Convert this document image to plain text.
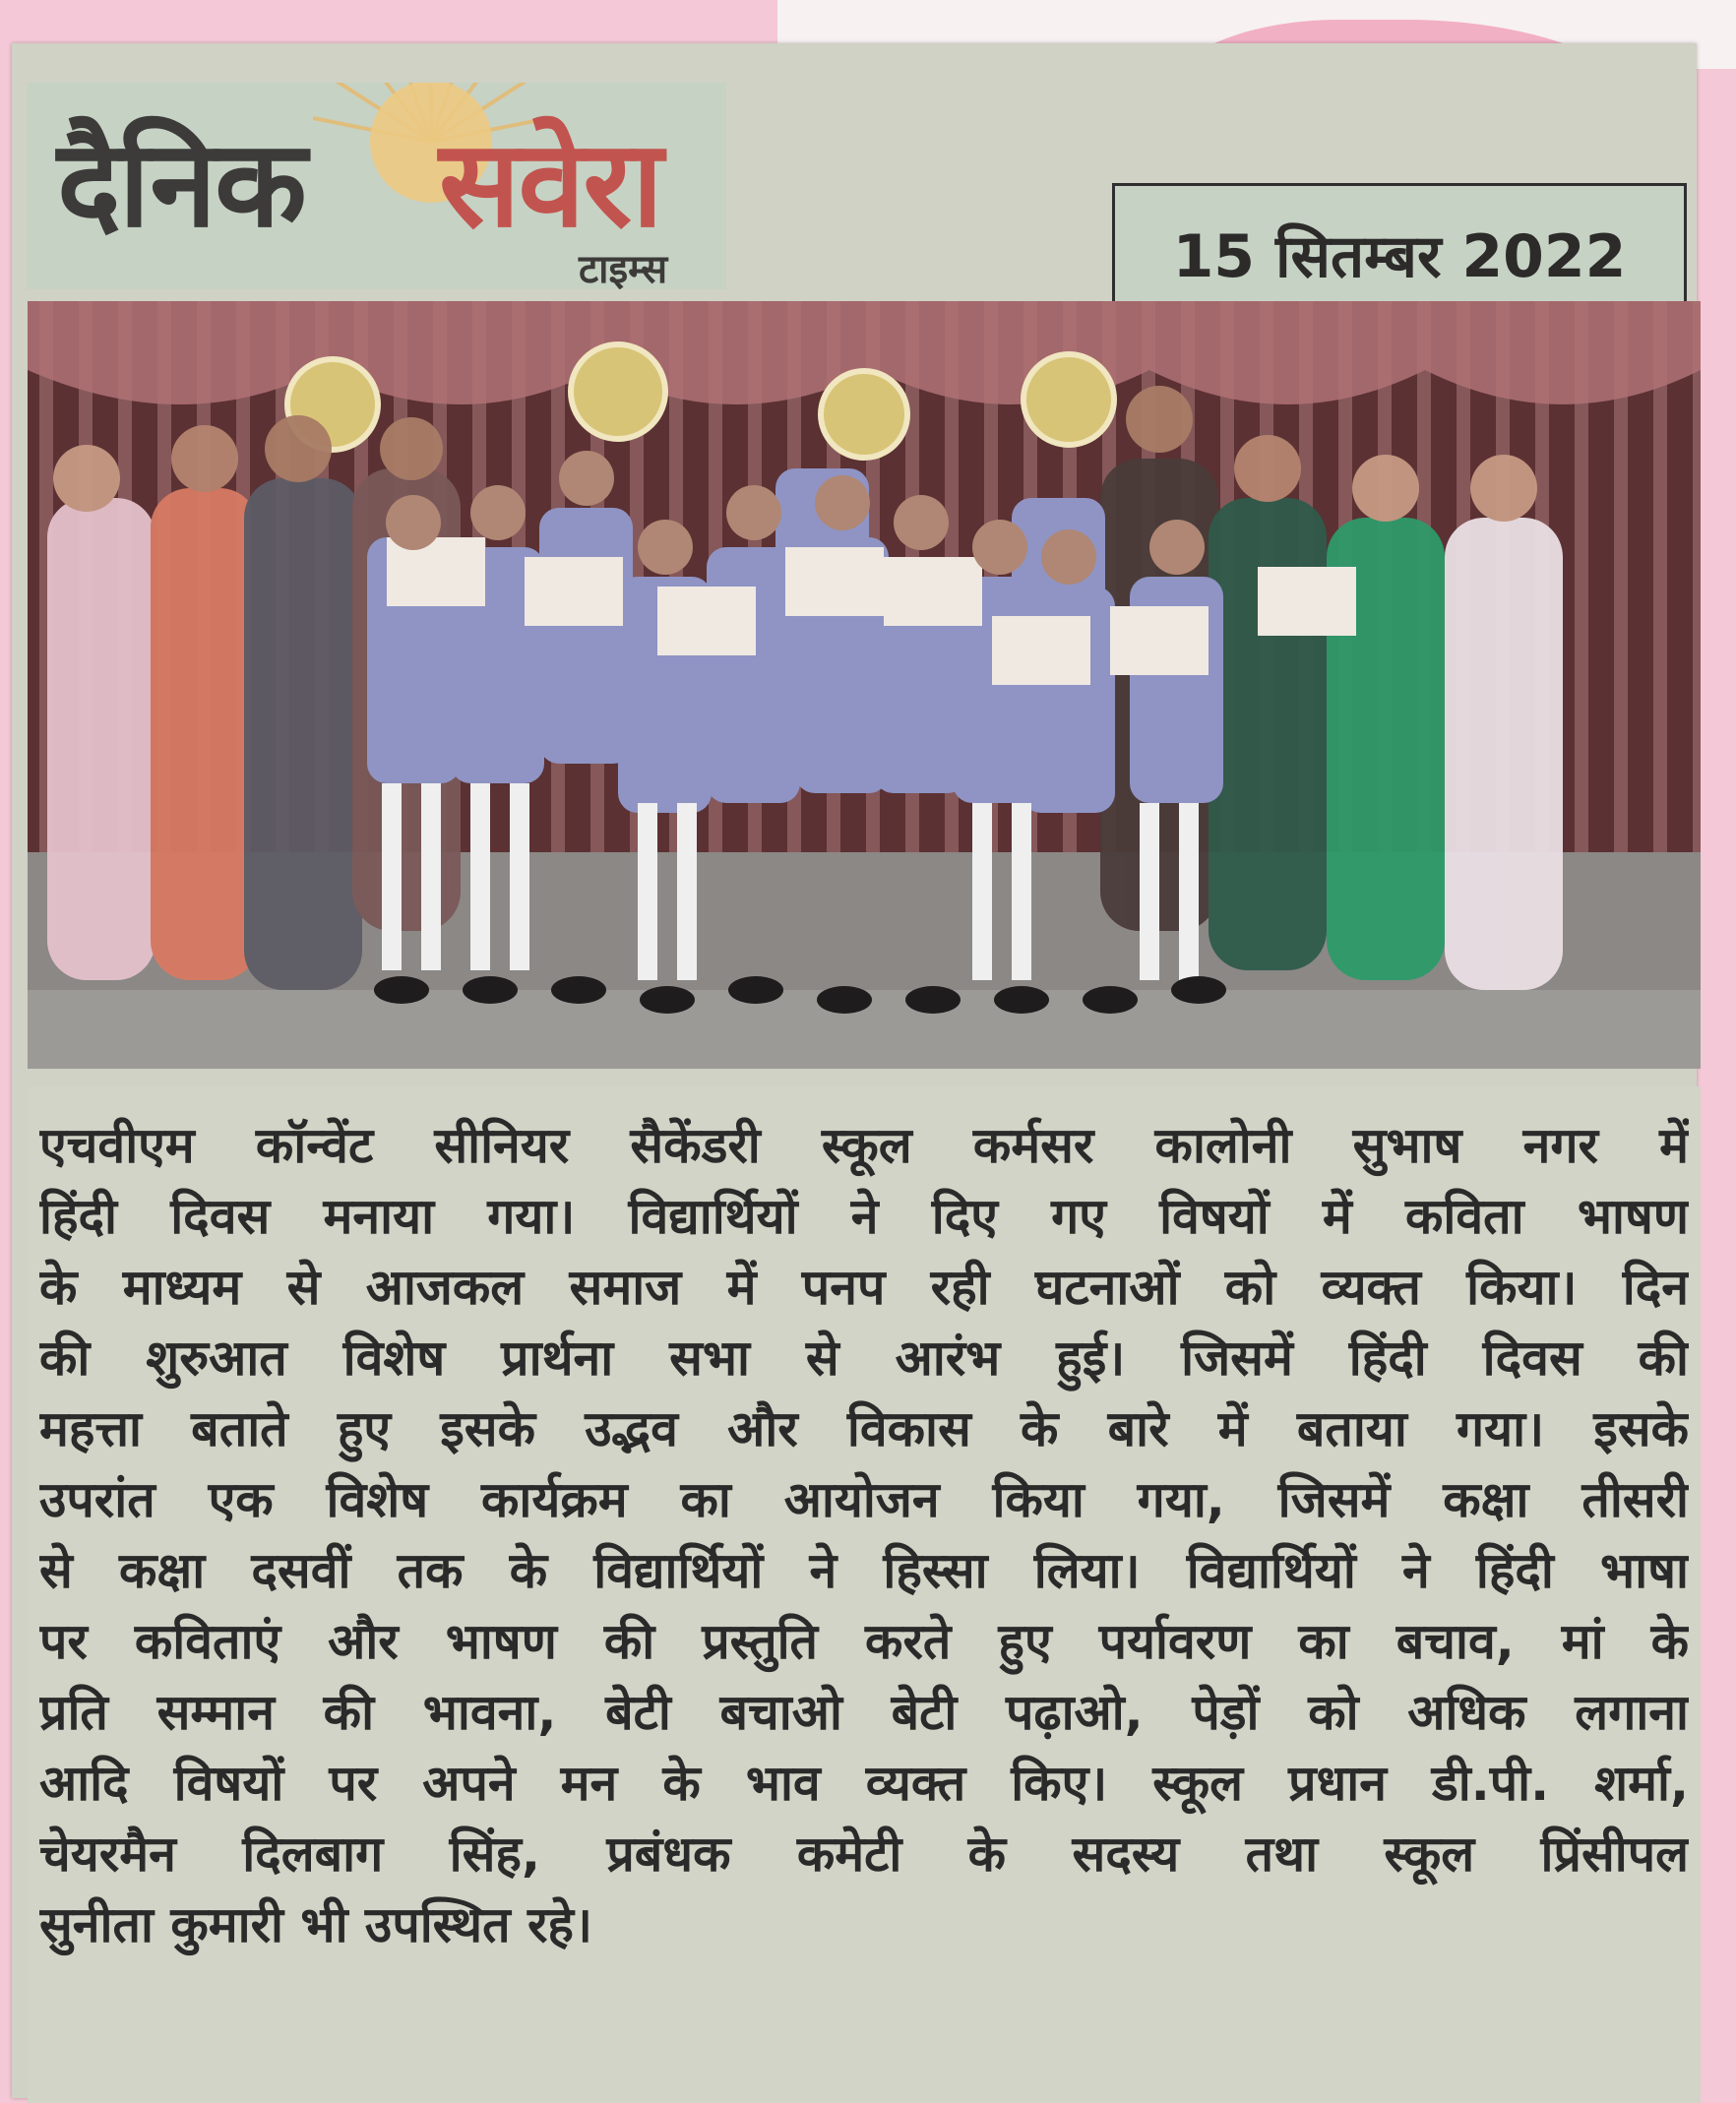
दैनिक सवेरा
टाइम्स	15 सितम्बर 2022

एचवीएम कॉन्वेंट सीनियर सैकेंडरी स्कूल कर्मसर कालोनी सुभाष नगर में

हिंदी दिवस मनाया गया। विद्यार्थियों ने दिए गए विषयों में कविता भाषण

के माध्यम से आजकल समाज में पनप रही घटनाओं को व्यक्त किया। दिन

की शुरुआत विशेष प्रार्थना सभा से आरंभ हुई। जिसमें हिंदी दिवस की

महत्ता बताते हुए इसके उद्भव और विकास के बारे में बताया गया। इसके

उपरांत एक विशेष कार्यक्रम का आयोजन किया गया, जिसमें कक्षा तीसरी

से कक्षा दसवीं तक के विद्यार्थियों ने हिस्सा लिया। विद्यार्थियों ने हिंदी भाषा

पर कविताएं और भाषण की प्रस्तुति करते हुए पर्यावरण का बचाव, मां के

प्रति सम्मान की भावना, बेटी बचाओ बेटी पढ़ाओ, पेड़ों को अधिक लगाना

आदि विषयों पर अपने मन के भाव व्यक्त किए। स्कूल प्रधान डी.पी. शर्मा,

चेयरमैन दिलबाग सिंह, प्रबंधक कमेटी के सदस्य तथा स्कूल प्रिंसीपल

सुनीता कुमारी भी उपस्थित रहे।
